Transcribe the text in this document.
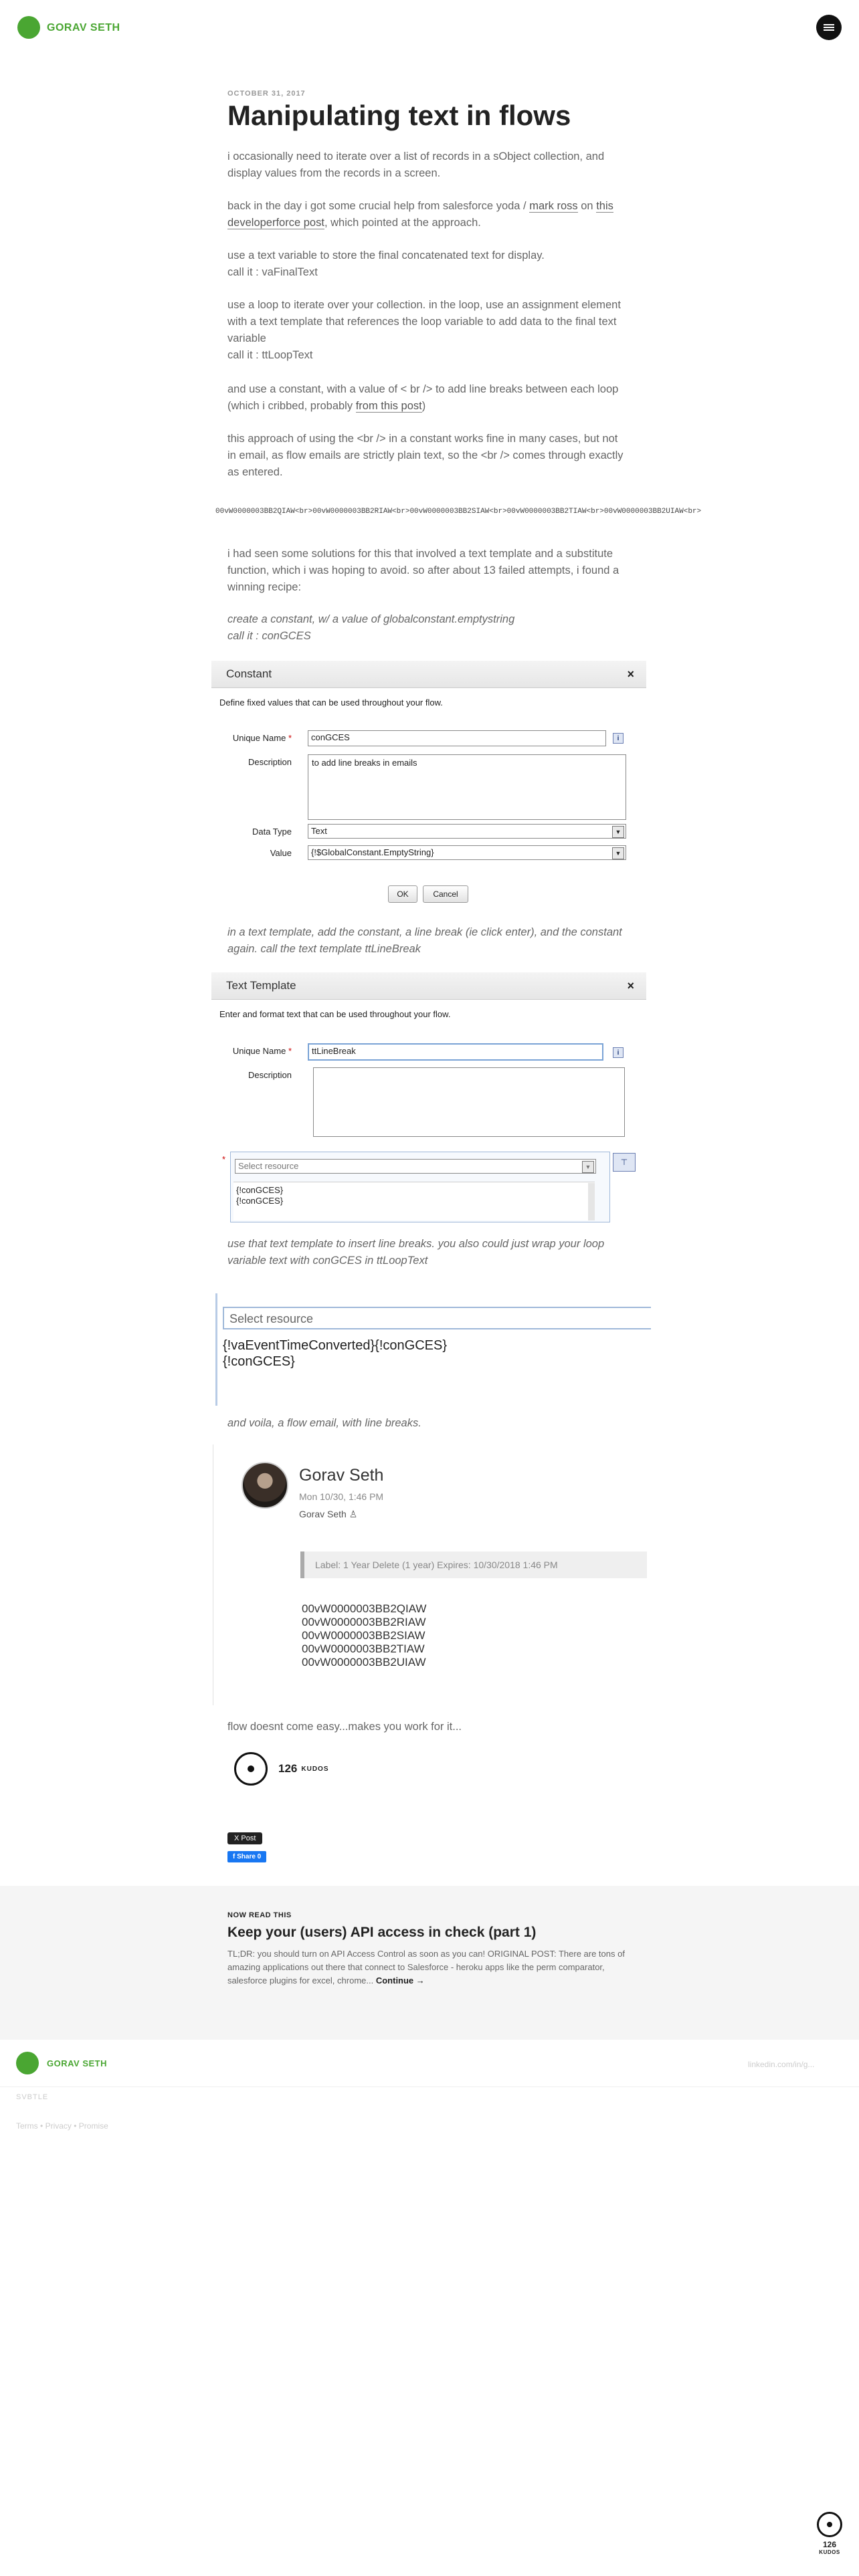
GORAV SETH
OCTOBER 31, 2017
Manipulating text in flows

i occasionally need to iterate over a list of records in a sObject collection, and display values from the records in a screen.

back in the day i got some crucial help from salesforce yoda / mark ross on this developerforce post, which pointed at the approach.

use a text variable to store the final concatenated text for display.

call it : vaFinalText

use a loop to iterate over your collection. in the loop, use an assignment element with a text template that references the loop variable to add data to the final text variable

call it : ttLoopText

and use a constant, with a value of < br /> to add line breaks between each loop (which i cribbed, probably from this post)

this approach of using the <br /> in a constant works fine in many cases, but not in email, as flow emails are strictly plain text, so the <br /> comes through exactly as entered.

00vW0000003BB2QIAW<br>00vW0000003BB2RIAW<br>00vW0000003BB2SIAW<br>00vW0000003BB2TIAW<br>00vW0000003BB2UIAW<br>

i had seen some solutions for this that involved a text template and a substitute function, which i was hoping to avoid. so after about 13 failed attempts, i found a winning recipe:

create a constant, w/ a value of globalconstant.emptystring

call it : conGCES

Constant	×
Define fixed values that can be used throughout your flow.
Unique Name *	conGCES	i
Description	to add line breaks in emails
Data Type	Text	▼
Value	{!$GlobalConstant.EmptyString}	▼
OK	Cancel

in a text template, add the constant, a line break (ie click enter), and the constant again. call the text template ttLineBreak

Text Template	×
Enter and format text that can be used throughout your flow.
Unique Name *	ttLineBreak	i
Description
*
Select resource	▼
{!conGCES}
{!conGCES}
⊤

use that text template to insert line breaks. you also could just wrap your loop variable text with conGCES in ttLoopText

Select resource
{!vaEventTimeConverted}{!conGCES}
{!conGCES}

and voila, a flow email, with line breaks.

Gorav Seth
Mon 10/30, 1:46 PM
Gorav Seth ♙
Label: 1 Year Delete (1 year) Expires: 10/30/2018 1:46 PM
00vW0000003BB2QIAW
00vW0000003BB2RIAW
00vW0000003BB2SIAW
00vW0000003BB2TIAW
00vW0000003BB2UIAW

flow doesnt come easy...makes you work for it...

126 KUDOS
X Post
f Share 0
NOW READ THIS
Keep your (users) API access in check (part 1)
TL;DR: you should turn on API Access Control as soon as you can! ORIGINAL POST: There are tons of amazing applications out there that connect to Salesforce - heroku apps like the perm comparator, salesforce plugins for excel, chrome... Continue →
GORAV SETH	linkedin.com/in/g...
SVBTLE
Terms • Privacy • Promise
126
KUDOS
